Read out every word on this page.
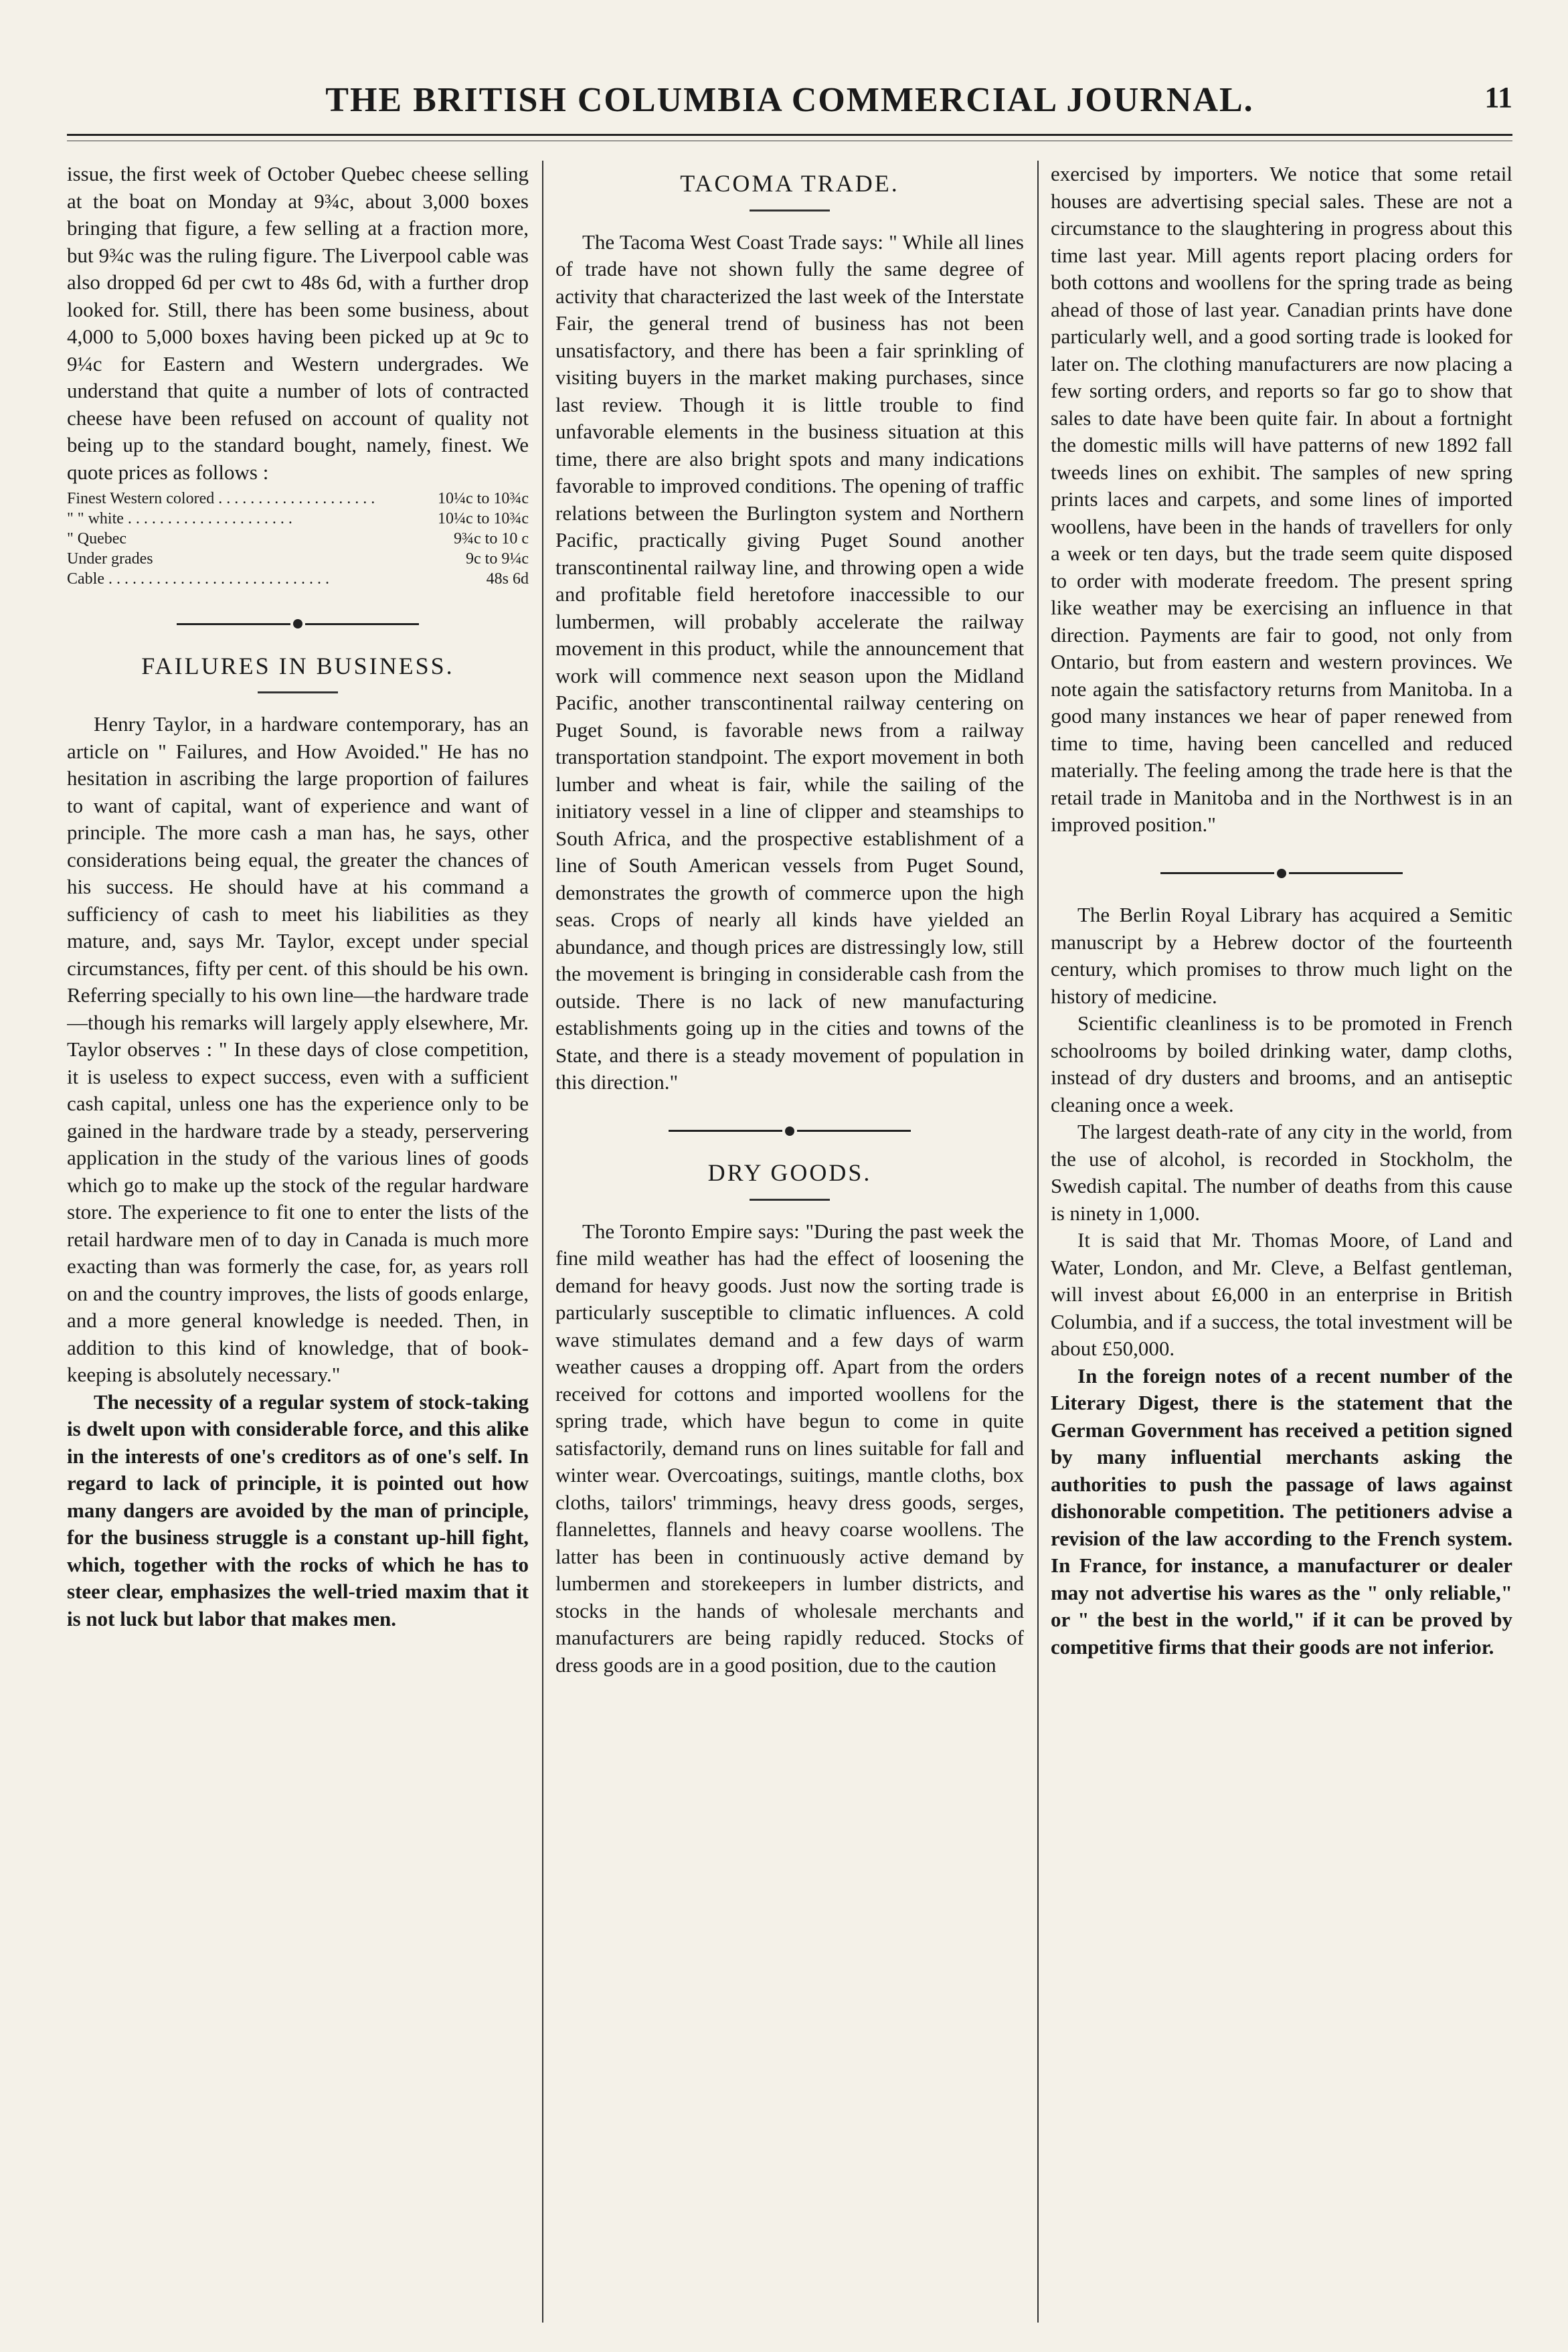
THE BRITISH COLUMBIA COMMERCIAL JOURNAL.	11

issue, the first week of October Quebec cheese selling at the boat on Monday at 9¾c, about 3,000 boxes bringing that figure, a few selling at a fraction more, but 9¾c was the ruling figure. The Liverpool cable was also dropped 6d per cwt to 48s 6d, with a further drop looked for. Still, there has been some business, about 4,000 to 5,000 boxes having been picked up at 9c to 9¼c for Eastern and Western undergrades. We understand that quite a number of lots of contracted cheese have been refused on account of quality not being up to the standard bought, namely, finest. We quote prices as follows :

Finest Western colored . . . . . . . . . . . . . . . . . . . .	10¼c to 10¾c
" " white . . . . . . . . . . . . . . . . . . . . .	10¼c to 10¾c
" Quebec	9¾c to 10 c
Under grades	9c to 9¼c
Cable . . . . . . . . . . . . . . . . . . . . . . . . . . . .	48s 6d
FAILURES IN BUSINESS.

Henry Taylor, in a hardware contemporary, has an article on " Failures, and How Avoided." He has no hesitation in ascribing the large proportion of failures to want of capital, want of experience and want of principle. The more cash a man has, he says, other considerations being equal, the greater the chances of his success. He should have at his command a sufficiency of cash to meet his liabilities as they mature, and, says Mr. Taylor, except under special circumstances, fifty per cent. of this should be his own. Referring specially to his own line—the hardware trade—though his remarks will largely apply elsewhere, Mr. Taylor observes : " In these days of close competition, it is useless to expect success, even with a sufficient cash capital, unless one has the experience only to be gained in the hardware trade by a steady, perservering application in the study of the various lines of goods which go to make up the stock of the regular hardware store. The experience to fit one to enter the lists of the retail hardware men of to day in Canada is much more exacting than was formerly the case, for, as years roll on and the country improves, the lists of goods enlarge, and a more general knowledge is needed. Then, in addition to this kind of knowledge, that of book-keeping is absolutely necessary."

The necessity of a regular system of stock-taking is dwelt upon with considerable force, and this alike in the interests of one's creditors as of one's self. In regard to lack of principle, it is pointed out how many dangers are avoided by the man of principle, for the business struggle is a constant up-hill fight, which, together with the rocks of which he has to steer clear, emphasizes the well-tried maxim that it is not luck but labor that makes men.

TACOMA TRADE.

The Tacoma West Coast Trade says: " While all lines of trade have not shown fully the same degree of activity that characterized the last week of the Interstate Fair, the general trend of business has not been unsatisfactory, and there has been a fair sprinkling of visiting buyers in the market making purchases, since last review. Though it is little trouble to find unfavorable elements in the business situation at this time, there are also bright spots and many indications favorable to improved conditions. The opening of traffic relations between the Burlington system and Northern Pacific, practically giving Puget Sound another transcontinental railway line, and throwing open a wide and profitable field heretofore inaccessible to our lumbermen, will probably accelerate the railway movement in this product, while the announcement that work will commence next season upon the Midland Pacific, another transcontinental railway centering on Puget Sound, is favorable news from a railway transportation standpoint. The export movement in both lumber and wheat is fair, while the sailing of the initiatory vessel in a line of clipper and steamships to South Africa, and the prospective establishment of a line of South American vessels from Puget Sound, demonstrates the growth of commerce upon the high seas. Crops of nearly all kinds have yielded an abundance, and though prices are distressingly low, still the movement is bringing in considerable cash from the outside. There is no lack of new manufacturing establishments going up in the cities and towns of the State, and there is a steady movement of population in this direction."

DRY GOODS.

The Toronto Empire says: "During the past week the fine mild weather has had the effect of loosening the demand for heavy goods. Just now the sorting trade is particularly susceptible to climatic influences. A cold wave stimulates demand and a few days of warm weather causes a dropping off. Apart from the orders received for cottons and imported woollens for the spring trade, which have begun to come in quite satisfactorily, demand runs on lines suitable for fall and winter wear. Overcoatings, suitings, mantle cloths, box cloths, tailors' trimmings, heavy dress goods, serges, flannelettes, flannels and heavy coarse woollens. The latter has been in continuously active demand by lumbermen and storekeepers in lumber districts, and stocks in the hands of wholesale merchants and manufacturers are being rapidly reduced. Stocks of dress goods are in a good position, due to the caution

exercised by importers. We notice that some retail houses are advertising special sales. These are not a circumstance to the slaughtering in progress about this time last year. Mill agents report placing orders for both cottons and woollens for the spring trade as being ahead of those of last year. Canadian prints have done particularly well, and a good sorting trade is looked for later on. The clothing manufacturers are now placing a few sorting orders, and reports so far go to show that sales to date have been quite fair. In about a fortnight the domestic mills will have patterns of new 1892 fall tweeds lines on exhibit. The samples of new spring prints laces and carpets, and some lines of imported woollens, have been in the hands of travellers for only a week or ten days, but the trade seem quite disposed to order with moderate freedom. The present spring like weather may be exercising an influence in that direction. Payments are fair to good, not only from Ontario, but from eastern and western provinces. We note again the satisfactory returns from Manitoba. In a good many instances we hear of paper renewed from time to time, having been cancelled and reduced materially. The feeling among the trade here is that the retail trade in Manitoba and in the Northwest is in an improved position."

The Berlin Royal Library has acquired a Semitic manuscript by a Hebrew doctor of the fourteenth century, which promises to throw much light on the history of medicine.

Scientific cleanliness is to be promoted in French schoolrooms by boiled drinking water, damp cloths, instead of dry dusters and brooms, and an antiseptic cleaning once a week.

The largest death-rate of any city in the world, from the use of alcohol, is recorded in Stockholm, the Swedish capital. The number of deaths from this cause is ninety in 1,000.

It is said that Mr. Thomas Moore, of Land and Water, London, and Mr. Cleve, a Belfast gentleman, will invest about £6,000 in an enterprise in British Columbia, and if a success, the total investment will be about £50,000.

In the foreign notes of a recent number of the Literary Digest, there is the statement that the German Government has received a petition signed by many influential merchants asking the authorities to push the passage of laws against dishonorable competition. The petitioners advise a revision of the law according to the French system. In France, for instance, a manufacturer or dealer may not advertise his wares as the " only reliable," or " the best in the world," if it can be proved by competitive firms that their goods are not inferior.
